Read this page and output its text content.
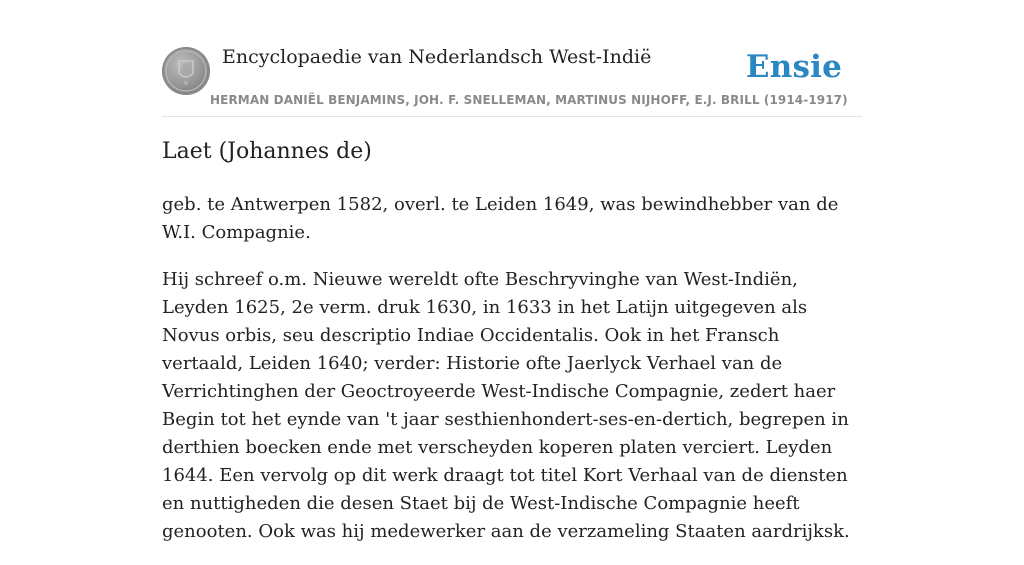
Encyclopaedie van Nederlandsch West-Indië	Ensie
HERMAN DANIËL BENJAMINS, JOH. F. SNELLEMAN, MARTINUS NIJHOFF, E.J. BRILL (1914-1917)
Laet (Johannes de)

geb. te Antwerpen 1582, overl. te Leiden 1649, was bewindhebber van de W.I. Compagnie.

Hij schreef o.m. Nieuwe wereldt ofte Beschryvinghe van West-Indiën, Leyden 1625, 2e verm. druk 1630, in 1633 in het Latijn uitgegeven als Novus orbis, seu descriptio Indiae Occidentalis. Ook in het Fransch vertaald, Leiden 1640; verder: Historie ofte Jaerlyck Verhael van de Verrichtinghen der Geoctroyeerde West-Indische Compagnie, zedert haer Begin tot het eynde van 't jaar sesthienhondert-ses-en-dertich, begrepen in derthien boecken ende met verscheyden koperen platen verciert. Leyden 1644. Een vervolg op dit werk draagt tot titel Kort Verhaal van de diensten en nuttigheden die desen Staet bij de West-Indische Compagnie heeft genooten. Ook was hij medewerker aan de verzameling Staaten aardrijksk.
